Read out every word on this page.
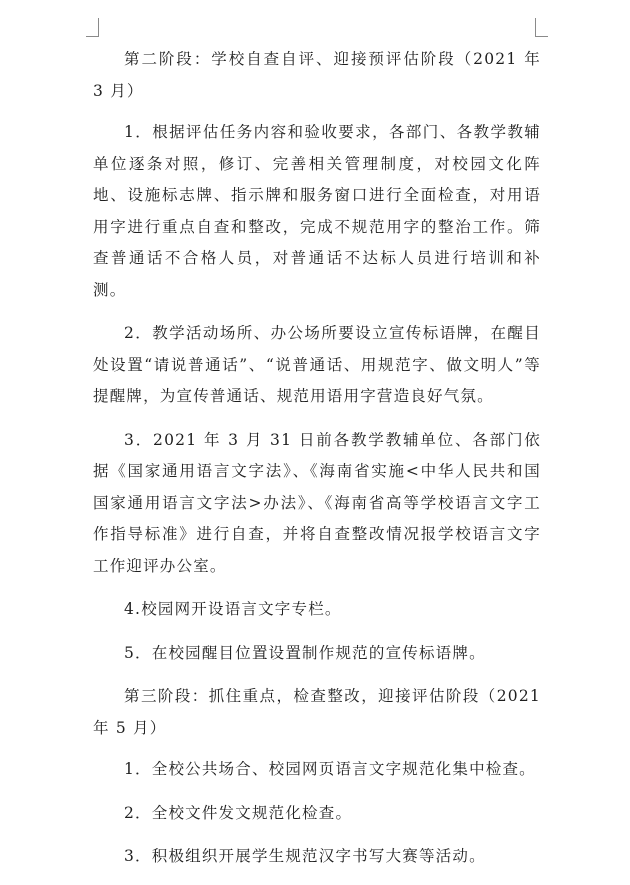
第二阶段：学校自查自评、迎接预评估阶段（2021 年 3 月）

1．根据评估任务内容和验收要求，各部门、各教学教辅单位逐条对照，修订、完善相关管理制度，对校园文化阵地、设施标志牌、指示牌和服务窗口进行全面检查，对用语用字进行重点自查和整改，完成不规范用字的整治工作。筛查普通话不合格人员，对普通话不达标人员进行培训和补测。

2．教学活动场所、办公场所要设立宣传标语牌，在醒目处设置“请说普通话”、“说普通话、用规范字、做文明人”等提醒牌，为宣传普通话、规范用语用字营造良好气氛。

3．2021 年 3 月 31 日前各教学教辅单位、各部门依据《国家通用语言文字法》、《海南省实施<中华人民共和国国家通用语言文字法>办法》、《海南省高等学校语言文字工作指导标准》进行自查，并将自查整改情况报学校语言文字工作迎评办公室。

4.校园网开设语言文字专栏。

5．在校园醒目位置设置制作规范的宣传标语牌。

第三阶段：抓住重点，检查整改，迎接评估阶段（2021 年 5 月）

1．全校公共场合、校园网页语言文字规范化集中检查。

2．全校文件发文规范化检查。

3．积极组织开展学生规范汉字书写大赛等活动。
